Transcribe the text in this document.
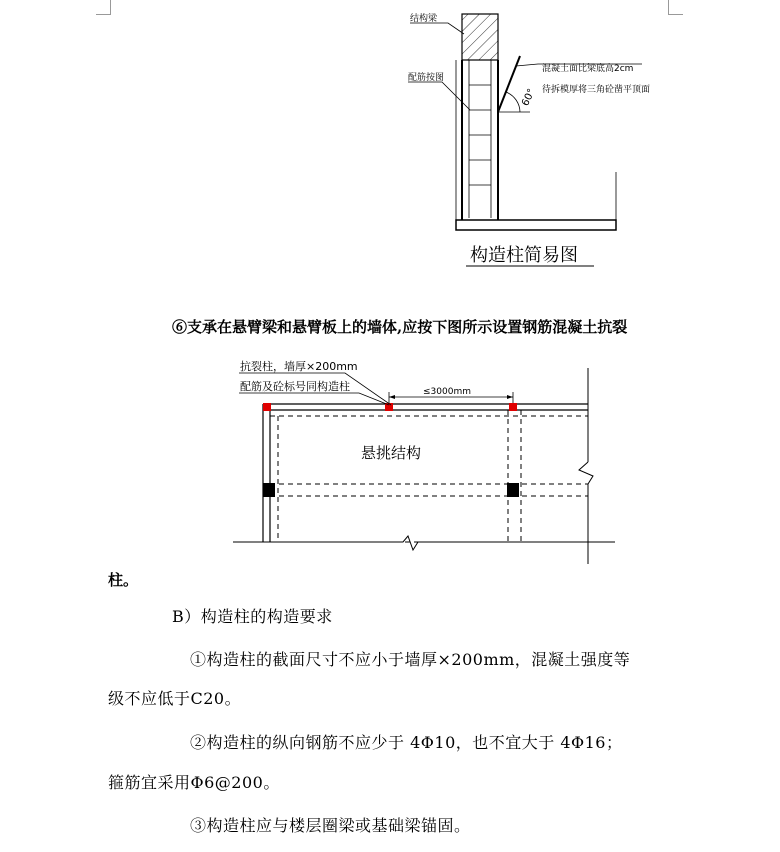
结构梁
配筋按图
混凝土面比梁底高2cm
待拆模厚将三角砼凿平顶面
60°
构造柱简易图
⑥支承在悬臂梁和悬臂板上的墙体,应按下图所示设置钢筋混凝土抗裂
≤3000mm
抗裂柱，墙厚×200mm
配筋及砼标号同构造柱
悬挑结构
柱。
B）构造柱的构造要求
①构造柱的截面尺寸不应小于墙厚×200mm，混凝土强度等
级不应低于C20。
②构造柱的纵向钢筋不应少于 4Φ10，也不宜大于 4Φ16；
箍筋宜采用Φ6@200。
③构造柱应与楼层圈梁或基础梁锚固。
